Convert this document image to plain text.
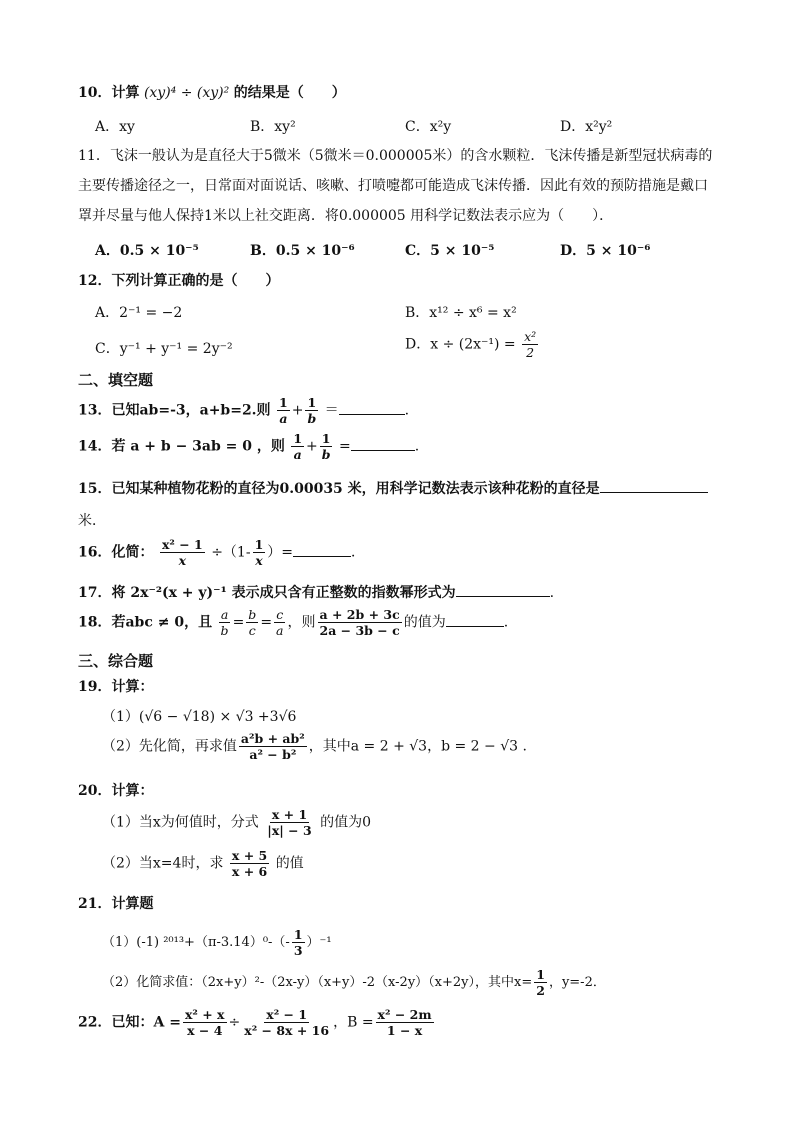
10．计算 (xy)⁴ ÷ (xy)² 的结果是（　　）
A．xy	B．xy²	C．x²y	D．x²y²
11．飞沫一般认为是直径大于5微米（5微米＝0.000005米）的含水颗粒．飞沫传播是新型冠状病毒的主要传播途径之一，日常面对面说话、咳嗽、打喷嚏都可能造成飞沫传播．因此有效的预防措施是戴口罩并尽量与他人保持1米以上社交距离．将0.000005 用科学记数法表示应为（　　）．
A．0.5 × 10⁻⁵	B．0.5 × 10⁻⁶	C．5 × 10⁻⁵	D．5 × 10⁻⁶
12．下列计算正确的是（　　）
A．2⁻¹ = −2	B．x¹² ÷ x⁶ = x²
C．y⁻¹ + y⁻¹ = 2y⁻²	D．$x \div (2x^{-1}) = \frac{\text{x²}}{2}$
二、填空题
13．已知ab=-3，a+b=2.则 $\frac{1}{a} + \frac{1}{b}$ ＝	.
14．若 a + b − 3ab = 0 ，则 $\frac{1}{a} + \frac{1}{b}$ =	.
15．已知某种植物花粉的直径为0.00035 米，用科学记数法表示该种花粉的直径是
米．
16．化简： $\frac{\text{x² − 1}}{x} \div(1- \frac{1}{x}$ ）=	．
17．将 2x⁻²(x + y)⁻¹ 表示成只含有正整数的指数幂形式为	.
18．若abc ≠ 0，且 $\frac{a}{b} = \frac{b}{c} = \frac{c}{a}$ ，则 $\frac{a + 2b + 3c}{2a - 3b - c}$ 的值为	.
三、综合题
19．计算：
（1）(√6 − √18) × √3 +3√6
（2）先化简，再求值 $\frac{\text{a²b + ab²}}{\text{a² − b²}}$ ，其中a = 2 + √3，b = 2 − √3 .
20．计算：
（1）当x为何值时，分式 $\frac{x + 1}{|x| - 3}$ 的值为0
（2）当x=4时，求 $\frac{x + 5}{x + 6}$ 的值
21．计算题
（1）(-1) $^{2013}+(\pi-3.14)^0-(- \frac{1}{3} )^{-1}$
（2）化简求值：（2x+y）²-（2x-y）（x+y）-2（x-2y）（x+2y），其中$x= \frac{1}{2}$ ，y=-2．
22．已知：$A = \frac{\text{x² + x}}{x - 4} \div \frac{\text{x² − 1}}{\text{x² − 8x + 16}}$ ，$B = \frac{\text{x² − 2m}}{1 - x}$
